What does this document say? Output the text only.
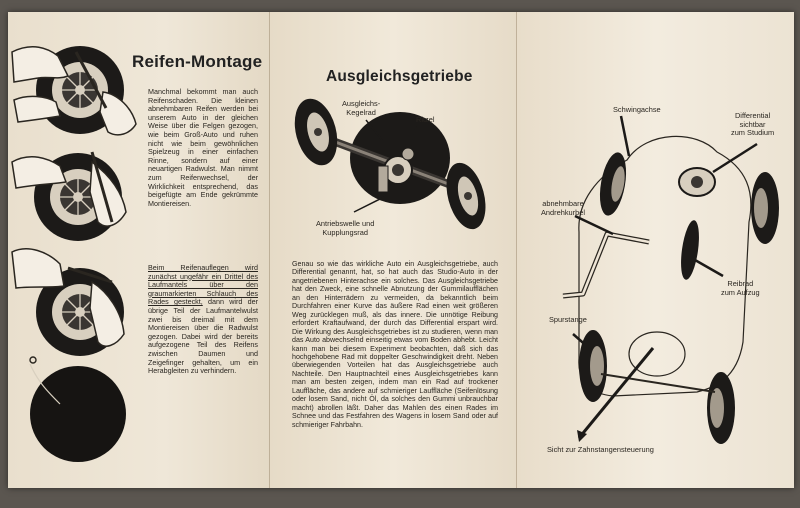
Reifen-Montage

Manchmal bekommt man auch Reifenschaden. Die kleinen abnehmbaren Reifen werden bei unserem Auto in der gleichen Weise über die Felgen gezogen, wie beim Groß-Auto und ruhen nicht wie beim gewöhnlichen Spielzeug in einer einfachen Rinne, sondern auf einer neuartigen Radwulst. Man nimmt zum Reifenwechsel, der Wirklichkeit entsprechend, das beigefügte am Ende gekrümmte Montiereisen.

Beim Reifenauflegen wird zunächst ungefähr ein Drittel des Laufmantels über den graumarkierten Schlauch des Rades gesteckt, dann wird der übrige Teil der Laufmantelwulst zwei bis dreimal mit dem Montiereisen über die Radwulst gezogen. Dabei wird der bereits aufgezogene Teil des Reifens zwischen Daumen und Zeigefinger gehalten, um ein Herabgleiten zu verhindern.

Ausgleichsgetriebe
Ausgleichs-
Kegelrad
Ritzel
Antriebswelle und
Kupplungsrad

Genau so wie das wirkliche Auto ein Ausgleichsgetriebe, auch Differential genannt, hat, so hat auch das Studio-Auto in der angetriebenen Hinterachse ein solches. Das Ausgleichsgetriebe hat den Zweck, eine schnelle Abnutzung der Gummilaufflächen an den Hinterrädern zu vermeiden, da bekanntlich beim Durchfahren einer Kurve das äußere Rad einen weit größeren Weg zurücklegen muß, als das innere. Die unnötige Reibung erfordert Kraftaufwand, der durch das Differential erspart wird. Die Wirkung des Ausgleichsgetriebes ist zu studieren, wenn man das Auto abwechselnd einseitig etwas vom Boden abhebt. Leicht kann man bei diesem Experiment beobachten, daß sich das hochgehobene Rad mit doppelter Geschwindigkeit dreht. Neben überwiegenden Vorteilen hat das Ausgleichsgetriebe auch Nachteile. Den Hauptnachteil eines Ausgleichsgetriebes kann man am besten zeigen, indem man ein Rad auf trockener Lauffläche, das andere auf schmieriger Lauffläche (Seifenlösung oder losem Sand, nicht Öl, da solches den Gummi unbrauchbar macht) abrollen läßt. Daher das Mahlen des einen Rades im Schnee und das Festfahren des Wagens in losem Sand oder auf schmieriger Fahrbahn.

Schwingachse
Differential
sichtbar
zum Studium
abnehmbare
Andrehkurbel
Reibrad
zum Aufzug
Spurstange
Sicht zur Zahnstangensteuerung
